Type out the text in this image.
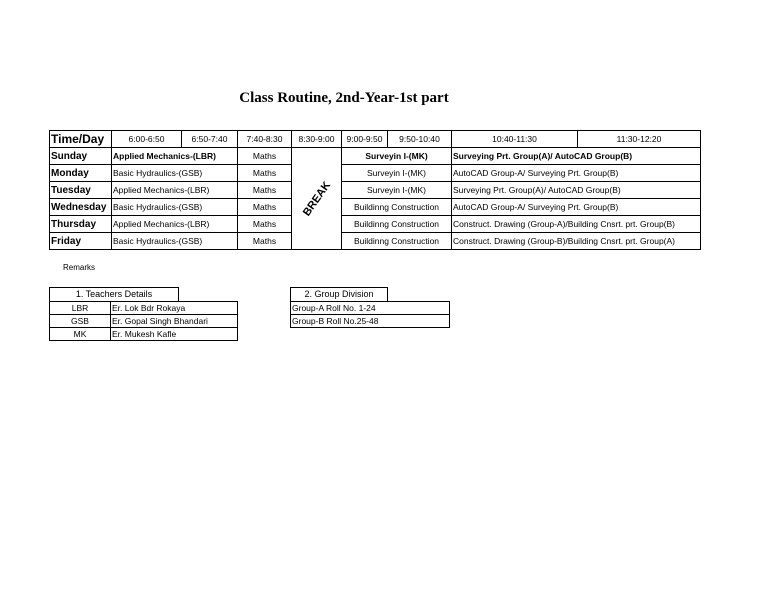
Class Routine, 2nd-Year-1st part
Time/Day	6:00-6:50	6:50-7:40	7:40-8:30	8:30-9:00	9:00-9:50	9:50-10:40	10:40-11:30	11:30-12:20
Sunday	Applied Mechanics-(LBR)		Maths	BREAK	Surveyin I-(MK)		Surveying Prt. Group(A)/ AutoCAD Group(B)	
Monday	Basic Hydraulics-(GSB)		Maths		Surveyin I-(MK)		AutoCAD Group-A/ Surveying Prt. Group(B)	
Tuesday	Applied Mechanics-(LBR)		Maths		Surveyin I-(MK)		Surveying Prt. Group(A)/ AutoCAD Group(B)	
Wednesday	Basic Hydraulics-(GSB)		Maths		Buildinng Construction		AutoCAD Group-A/ Surveying Prt. Group(B)	
Thursday	Applied Mechanics-(LBR)		Maths		Buildinng Construction		Construct. Drawing (Group-A)/Building Cnsrt. prt. Group(B)	
Friday	Basic Hydraulics-(GSB)		Maths		Buildinng Construction		Construct. Drawing (Group-B)/Building Cnsrt. prt. Group(A)	
Remarks
1. Teachers Details
LBR	Er. Lok Bdr Rokaya
GSB	Er. Gopal Singh Bhandari
MK	Er. Mukesh Kafle
2. Group Division
Group-A Roll No. 1-24
Group-B Roll No.25-48
